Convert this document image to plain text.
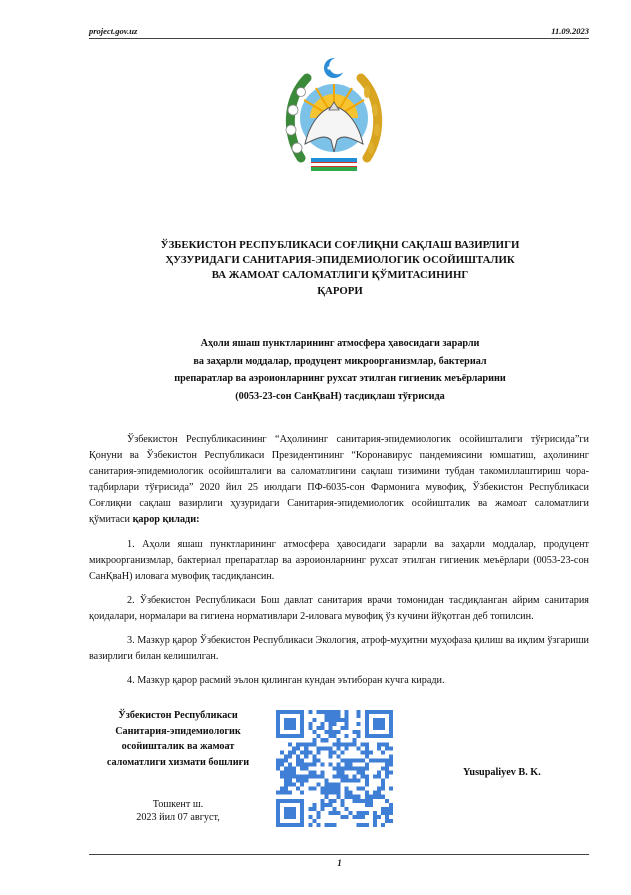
project.gov.uz	11.09.2023
ЎЗБЕКИСТОН РЕСПУБЛИКАСИ СОҒЛИҚНИ САҚЛАШ ВАЗИРЛИГИ
ҲУЗУРИДАГИ САНИТАРИЯ-ЭПИДЕМИОЛОГИК ОСОЙИШТАЛИК
ВА ЖАМОАТ САЛОМАТЛИГИ ҚЎМИТАСИНИНГ
ҚАРОРИ
Аҳоли яшаш пунктларининг атмосфера ҳавосидаги зарарли
ва заҳарли моддалар, продуцент микроорганизмлар, бактериал
препаратлар ва аэроионларнинг рухсат этилган гигиеник меъёрларини
(0053-23-сон СанҚваН) тасдиқлаш тўғрисида

Ўзбекистон Республикасининг “Аҳолининг санитария-эпидемиологик осойишталиги тўғрисида”ги Қонуни ва Ўзбекистон Республикаси Президентининг “Коронавирус пандемиясини юмшатиш, аҳолининг санитария-эпидемиологик осойишталиги ва саломатлигини сақлаш тизимини тубдан такомиллаштириш чора-тадбирлари тўғрисида” 2020 йил 25 июлдаги ПФ-6035-сон Фармонига мувофиқ, Ўзбекистон Республикаси Соғлиқни сақлаш вазирлиги ҳузуридаги Санитария-эпидемиологик осойишталик ва жамоат саломатлиги қўмитаси қарор қилади:

1. Аҳоли яшаш пунктларининг атмосфера ҳавосидаги зарарли ва заҳарли моддалар, продуцент микроорганизмлар, бактериал препаратлар ва аэроионларнинг рухсат этилган гигиеник меъёрлари (0053-23-сон СанҚваН) иловага мувофиқ тасдиқлансин.

2. Ўзбекистон Республикаси Бош давлат санитария врачи томонидан тасдиқланган айрим санитария қоидалари, нормалари ва гигиена нормативлари 2-иловага мувофиқ ўз кучини йўқотган деб топилсин.

3. Мазкур қарор Ўзбекистон Республикаси Экология, атроф-муҳитни муҳофаза қилиш ва иқлим ўзгариши вазирлиги билан келишилган.

4. Мазкур қарор расмий эълон қилинган кундан эътиборан кучга киради.

Ўзбекистон Республикаси
Санитария-эпидемиологик
осойишталик ва жамоат
саломатлиги хизмати бошлиғи
Yusupaliyev B. K.
Тошкент ш.
2023 йил 07 август,
1
